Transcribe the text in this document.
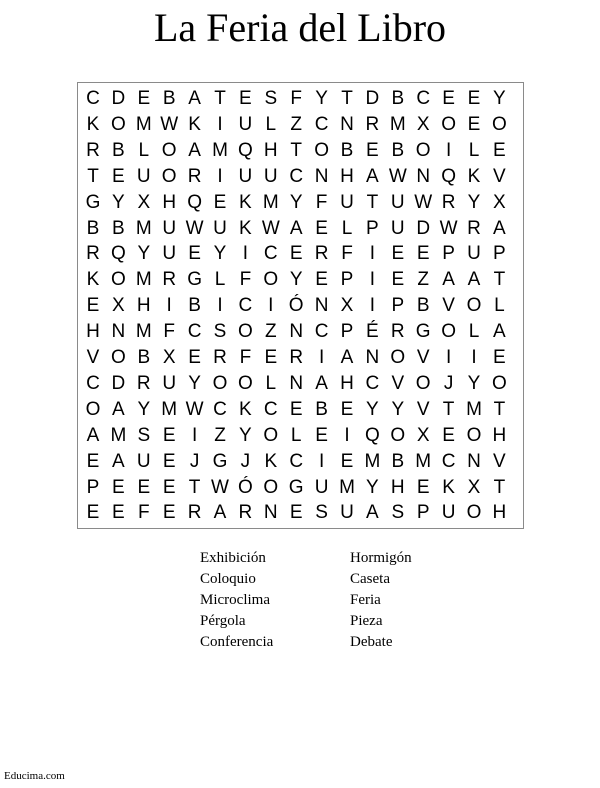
La Feria del Libro
C D E B A T E S F Y T D B C E E Y
K O M W K I U L Z C N R M X O E O
R B L O A M Q H T O B E B O I L E
T E U O R I U U C N H A W N Q K V
G Y X H Q E K M Y F U T U W R Y X
B B M U W U K W A E L P U D W R A
R Q Y U E Y I C E R F I E E P U P
K O M R G L F O Y E P I E Z A A T
E X H I B I C I Ó N X I P B V O L
H N M F C S O Z N C P É R G O L A
V O B X E R F E R I A N O V I	I E
C D R U Y O O L N A H C V O J Y O
O A Y M W C K C E B E Y Y V T M T
A M S E I Z Y O L E I Q O X E O H
E A U E J G J K C I E M B M C N V
P E E E T W Ó O G U M Y H E K X T
E E F E R A R N E S U A S P U O H
Exhibición
Coloquio
Microclima
Pérgola
Conferencia
Hormigón
Caseta
Feria
Pieza
Debate
Educima.com
